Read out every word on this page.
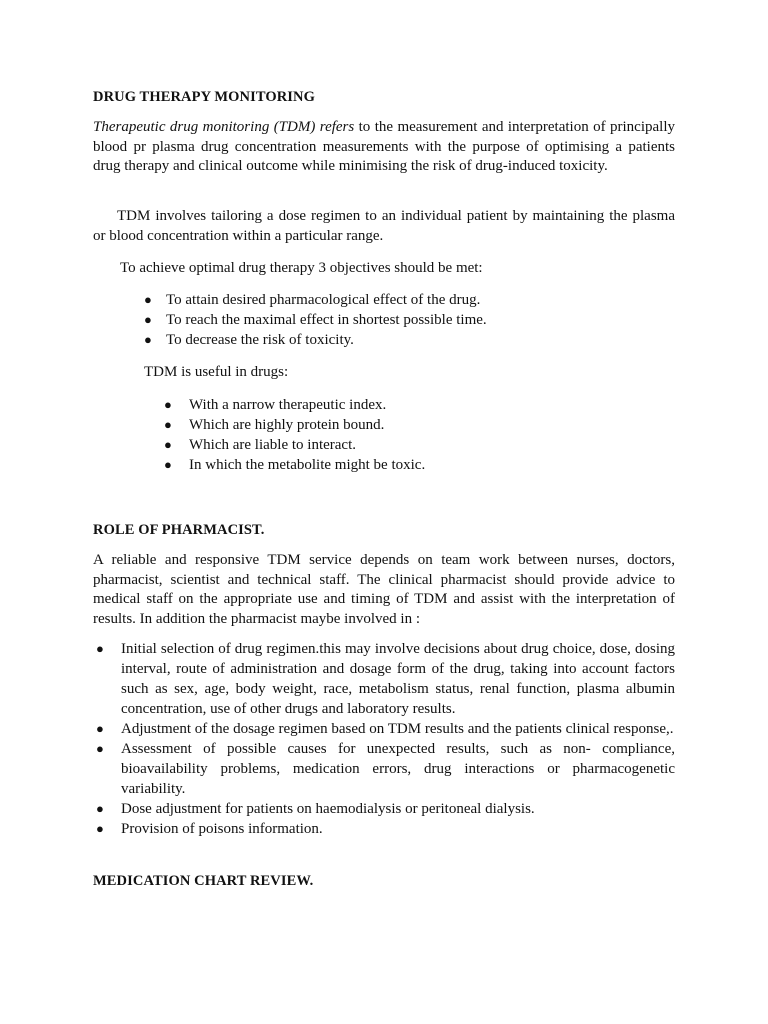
DRUG THERAPY MONITORING

Therapeutic drug monitoring (TDM) refers to the measurement and interpretation of principally blood pr plasma drug concentration measurements with the purpose of optimising a patients drug therapy and clinical outcome while minimising the risk of drug-induced toxicity.

TDM involves tailoring a dose regimen to an individual patient by maintaining the plasma or blood concentration within a particular range.

To achieve optimal drug therapy 3 objectives should be met:

● To attain desired pharmacological effect of the drug.
● To reach the maximal effect in shortest possible time.
● To decrease the risk of toxicity.

TDM is useful in drugs:

● With a narrow therapeutic index.
● Which are highly protein bound.
● Which are liable to interact.
● In which the metabolite might be toxic.
ROLE OF PHARMACIST.

A reliable and responsive TDM service depends on team work between nurses, doctors, pharmacist, scientist and technical staff. The clinical pharmacist should provide advice to medical staff on the appropriate use and timing of TDM and assist with the interpretation of results. In addition the pharmacist maybe involved in :

● Initial selection of drug regimen.this may involve decisions about drug choice, dose, dosing interval, route of administration and dosage form of the drug, taking into account factors such as sex, age, body weight, race, metabolism status, renal function, plasma albumin concentration, use of other drugs and laboratory results.
● Adjustment of the dosage regimen based on TDM results and the patients clinical response,.
● Assessment of possible causes for unexpected results, such as non- compliance, bioavailability problems, medication errors, drug interactions or pharmacogenetic variability.
● Dose adjustment for patients on haemodialysis or peritoneal dialysis.
● Provision of poisons information.
MEDICATION CHART REVIEW.
